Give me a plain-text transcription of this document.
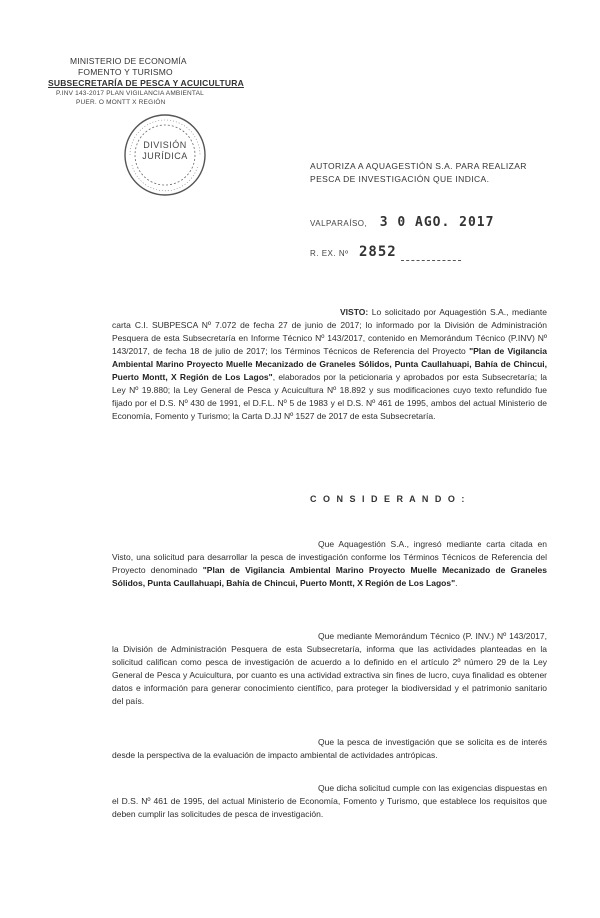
MINISTERIO DE ECONOMÍA
FOMENTO Y TURISMO
SUBSECRETARÍA DE PESCA Y ACUICULTURA
P.INV 143-2017 PLAN VIGILANCIA AMBIENTAL
PUER. O MONTT X REGIÓN
DIVISIÓN
JURÍDICA
AUTORIZA A AQUAGESTIÓN S.A. PARA REALIZAR
PESCA DE INVESTIGACIÓN QUE INDICA.
VALPARAÍSO, 3 0 AGO. 2017
R. EX. Nº 2852
VISTO: Lo solicitado por Aquagestión S.A., mediante carta C.I. SUBPESCA Nº 7.072 de fecha 27 de junio de 2017; lo informado por la División de Administración Pesquera de esta Subsecretaría en Informe Técnico Nº 143/2017, contenido en Memorándum Técnico (P.INV) Nº 143/2017, de fecha 18 de julio de 2017; los Términos Técnicos de Referencia del Proyecto "Plan de Vigilancia Ambiental Marino Proyecto Muelle Mecanizado de Graneles Sólidos, Punta Caullahuapi, Bahía de Chincui, Puerto Montt, X Región de Los Lagos", elaborados por la peticionaria y aprobados por esta Subsecretaría; la Ley Nº 19.880; la Ley General de Pesca y Acuicultura Nº 18.892 y sus modificaciones cuyo texto refundido fue fijado por el D.S. Nº 430 de 1991, el D.F.L. Nº 5 de 1983 y el D.S. Nº 461 de 1995, ambos del actual Ministerio de Economía, Fomento y Turismo; la Carta D.JJ Nº 1527 de 2017 de esta Subsecretaría.
C O N S I D E R A N D O :
Que Aquagestión S.A., ingresó mediante carta citada en Visto, una solicitud para desarrollar la pesca de investigación conforme los Términos Técnicos de Referencia del Proyecto denominado "Plan de Vigilancia Ambiental Marino Proyecto Muelle Mecanizado de Graneles Sólidos, Punta Caullahuapi, Bahía de Chincui, Puerto Montt, X Región de Los Lagos".
Que mediante Memorándum Técnico (P. INV.) Nº 143/2017, la División de Administración Pesquera de esta Subsecretaría, informa que las actividades planteadas en la solicitud califican como pesca de investigación de acuerdo a lo definido en el artículo 2º número 29 de la Ley General de Pesca y Acuicultura, por cuanto es una actividad extractiva sin fines de lucro, cuya finalidad es obtener datos e información para generar conocimiento científico, para proteger la biodiversidad y el patrimonio sanitario del país.
Que la pesca de investigación que se solicita es de interés desde la perspectiva de la evaluación de impacto ambiental de actividades antrópicas.
Que dicha solicitud cumple con las exigencias dispuestas en el D.S. Nº 461 de 1995, del actual Ministerio de Economía, Fomento y Turismo, que establece los requisitos que deben cumplir las solicitudes de pesca de investigación.
